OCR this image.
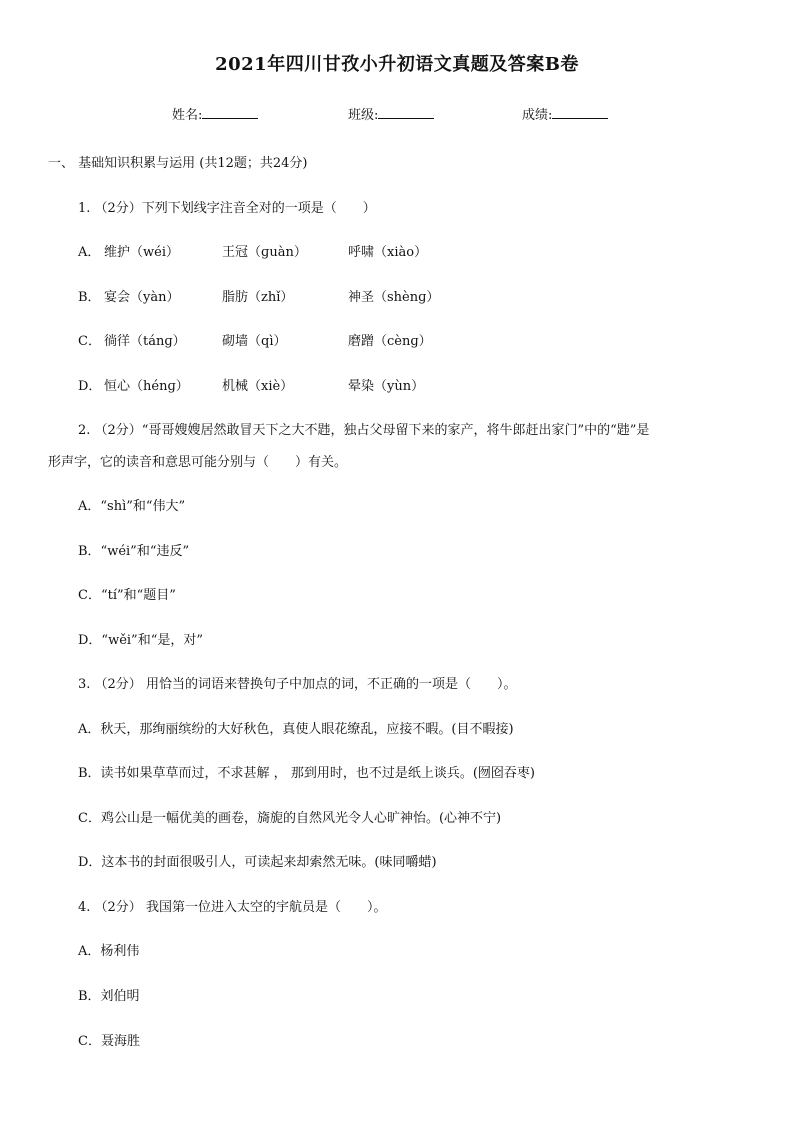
2021年四川甘孜小升初语文真题及答案B卷
姓名:	班级:	成绩:
一、 基础知识积累与运用 (共12题；共24分)
1. （2分）下列下划线字注音全对的一项是（　　）
A． 维护（wéi）	王冠（ɡuàn）	呼啸（xiào）
B． 宴会（yàn）	脂肪（zhǐ）	神圣（shènɡ）
C． 徜徉（tánɡ）	砌墙（qì）	磨蹭（cènɡ）
D． 恒心（hénɡ）	机械（xiè）	晕染（yùn）
2. （2分）“哥哥嫂嫂居然敢冒天下之大不韪，独占父母留下来的家产，将牛郎赶出家门”中的“韪”是
形声字，它的读音和意思可能分别与（　　）有关。
A．“shì”和“伟大”
B．“wéi”和“违反”
C．“tí”和“题目”
D．“wěi”和“是，对”
3. （2分） 用恰当的词语来替换句子中加点的词，不正确的一项是（　　）。
A．秋天，那绚丽缤纷的大好秋色，真使人眼花缭乱，应接不暇。(目不暇接)
B．读书如果草草而过，不求甚解 ， 那到用时，也不过是纸上谈兵。(囫囵吞枣)
C．鸡公山是一幅优美的画卷，旖旎的自然风光令人心旷神怡。(心神不宁)
D．这本书的封面很吸引人，可读起来却索然无味。(味同嚼蜡)
4. （2分） 我国第一位进入太空的宇航员是（　　）。
A．杨利伟
B．刘伯明
C．聂海胜
